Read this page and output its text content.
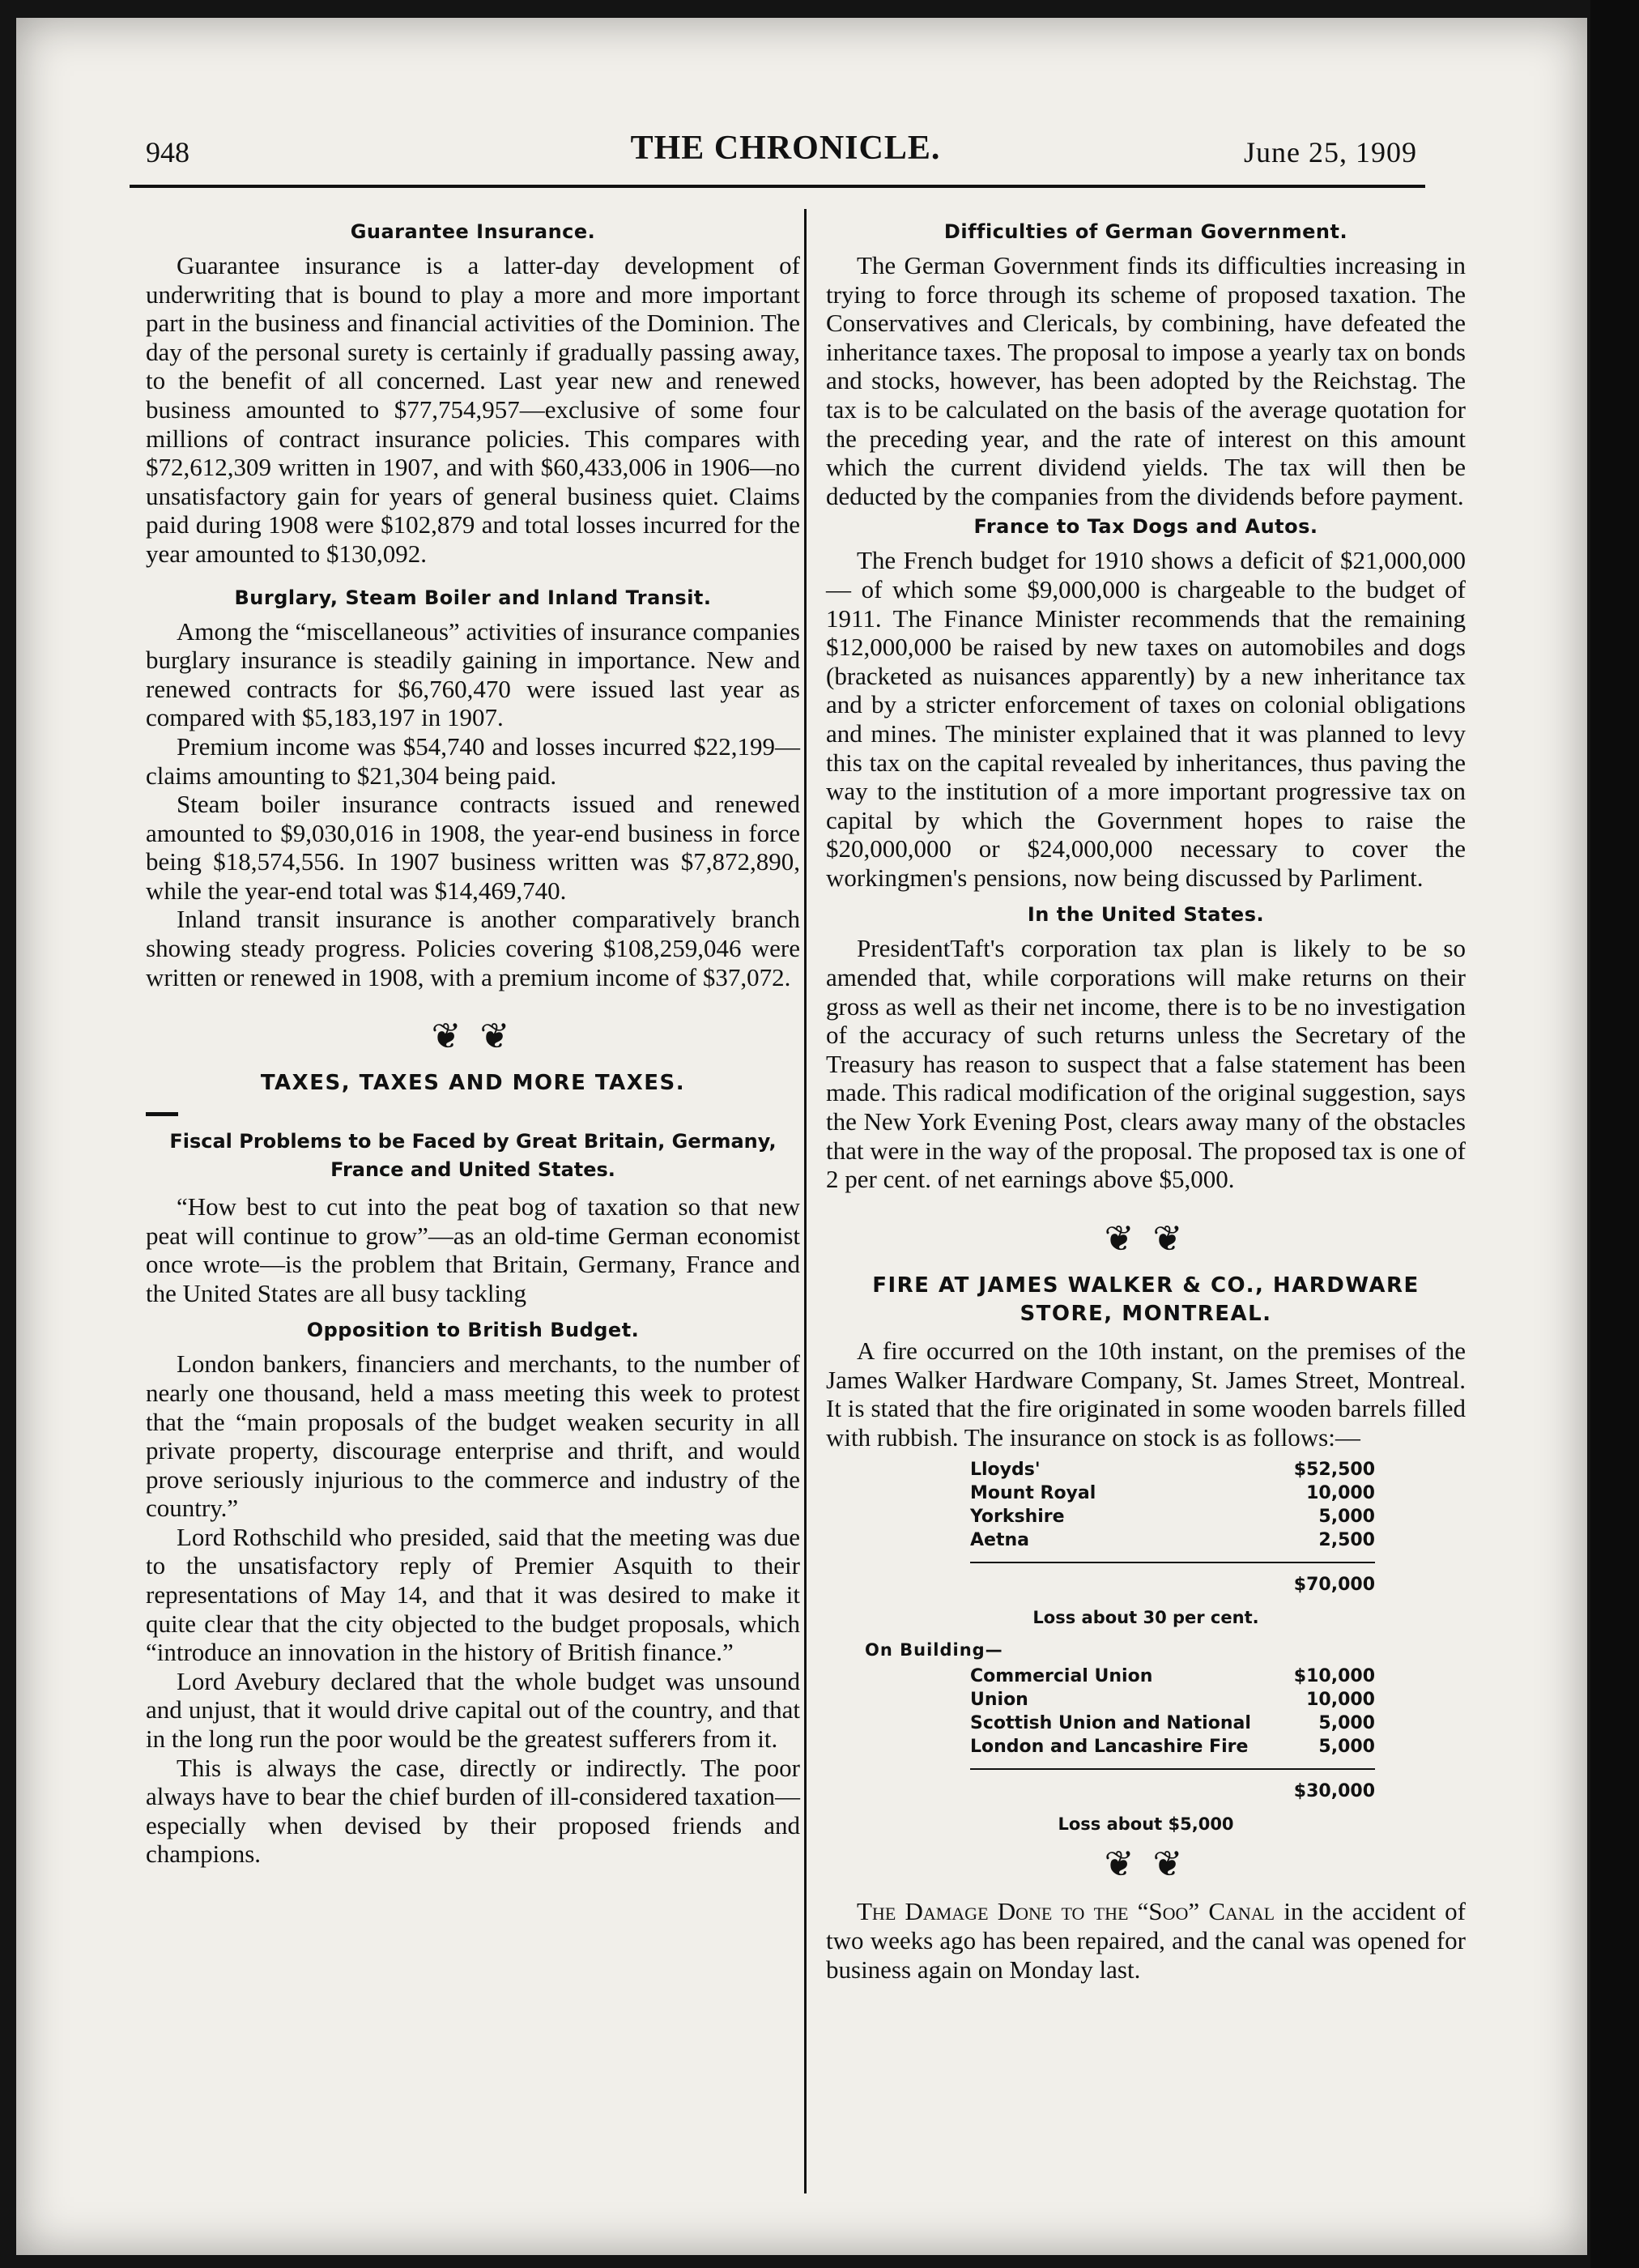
948	THE CHRONICLE.	June 25, 1909
Guarantee Insurance.

Guarantee insurance is a latter-day development of underwriting that is bound to play a more and more important part in the business and financial activities of the Dominion. The day of the personal surety is certainly if gradually passing away, to the benefit of all concerned. Last year new and renewed business amounted to $77,754,957—exclusive of some four millions of contract insurance policies. This compares with $72,612,309 written in 1907, and with $60,433,006 in 1906—no unsatisfactory gain for years of general business quiet. Claims paid during 1908 were $102,879 and total losses incurred for the year amounted to $130,092.

Burglary, Steam Boiler and Inland Transit.

Among the “miscellaneous” activities of insurance companies burglary insurance is steadily gaining in importance. New and renewed contracts for $6,760,470 were issued last year as compared with $5,183,197 in 1907.

Premium income was $54,740 and losses incurred $22,199—claims amounting to $21,304 being paid.

Steam boiler insurance contracts issued and renewed amounted to $9,030,016 in 1908, the year-end business in force being $18,574,556. In 1907 business written was $7,872,890, while the year-end total was $14,469,740.

Inland transit insurance is another comparatively branch showing steady progress. Policies covering $108,259,046 were written or renewed in 1908, with a premium income of $37,072.

❦ ❦
TAXES, TAXES AND MORE TAXES.
Fiscal Problems to be Faced by Great Britain, Germany, France and United States.

“How best to cut into the peat bog of taxation so that new peat will continue to grow”—as an old-time German economist once wrote—is the problem that Britain, Germany, France and the United States are all busy tackling

Opposition to British Budget.

London bankers, financiers and merchants, to the number of nearly one thousand, held a mass meeting this week to protest that the “main proposals of the budget weaken security in all private property, discourage enterprise and thrift, and would prove seriously injurious to the commerce and industry of the country.”

Lord Rothschild who presided, said that the meeting was due to the unsatisfactory reply of Premier Asquith to their representations of May 14, and that it was desired to make it quite clear that the city objected to the budget proposals, which “introduce an innovation in the history of British finance.”

Lord Avebury declared that the whole budget was unsound and unjust, that it would drive capital out of the country, and that in the long run the poor would be the greatest sufferers from it.

This is always the case, directly or indirectly. The poor always have to bear the chief burden of ill-considered taxation—especially when devised by their proposed friends and champions.

Difficulties of German Government.

The German Government finds its difficulties increasing in trying to force through its scheme of proposed taxation. The Conservatives and Clericals, by combining, have defeated the inheritance taxes. The proposal to impose a yearly tax on bonds and stocks, however, has been adopted by the Reichstag. The tax is to be calculated on the basis of the average quotation for the preceding year, and the rate of interest on this amount which the current dividend yields. The tax will then be deducted by the companies from the dividends before payment.

France to Tax Dogs and Autos.

The French budget for 1910 shows a deficit of $21,000,000— of which some $9,000,000 is chargeable to the budget of 1911. The Finance Minister recommends that the remaining $12,000,000 be raised by new taxes on automobiles and dogs (bracketed as nuisances apparently) by a new inheritance tax and by a stricter enforcement of taxes on colonial obligations and mines. The minister explained that it was planned to levy this tax on the capital revealed by inheritances, thus paving the way to the institution of a more important progressive tax on capital by which the Government hopes to raise the $20,000,000 or $24,000,000 necessary to cover the workingmen's pensions, now being discussed by Parliment.

In the United States.

PresidentTaft's corporation tax plan is likely to be so amended that, while corporations will make returns on their gross as well as their net income, there is to be no investigation of the accuracy of such returns unless the Secretary of the Treasury has reason to suspect that a false statement has been made. This radical modification of the original suggestion, says the New York Evening Post, clears away many of the obstacles that were in the way of the proposal. The proposed tax is one of 2 per cent. of net earnings above $5,000.

❦ ❦
FIRE AT JAMES WALKER & CO., HARDWARE STORE, MONTREAL.

A fire occurred on the 10th instant, on the premises of the James Walker Hardware Company, St. James Street, Montreal. It is stated that the fire originated in some wooden barrels filled with rubbish. The insurance on stock is as follows:—

Lloyds'	$52,500
Mount Royal	10,000
Yorkshire	5,000
Aetna	2,500
$70,000
Loss about 30 per cent.
On Building—
Commercial Union	$10,000
Union	10,000
Scottish Union and National	5,000
London and Lancashire Fire	5,000
$30,000
Loss about $5,000
❦ ❦

The Damage Done to the “Soo” Canal in the accident of two weeks ago has been repaired, and the canal was opened for business again on Monday last.
